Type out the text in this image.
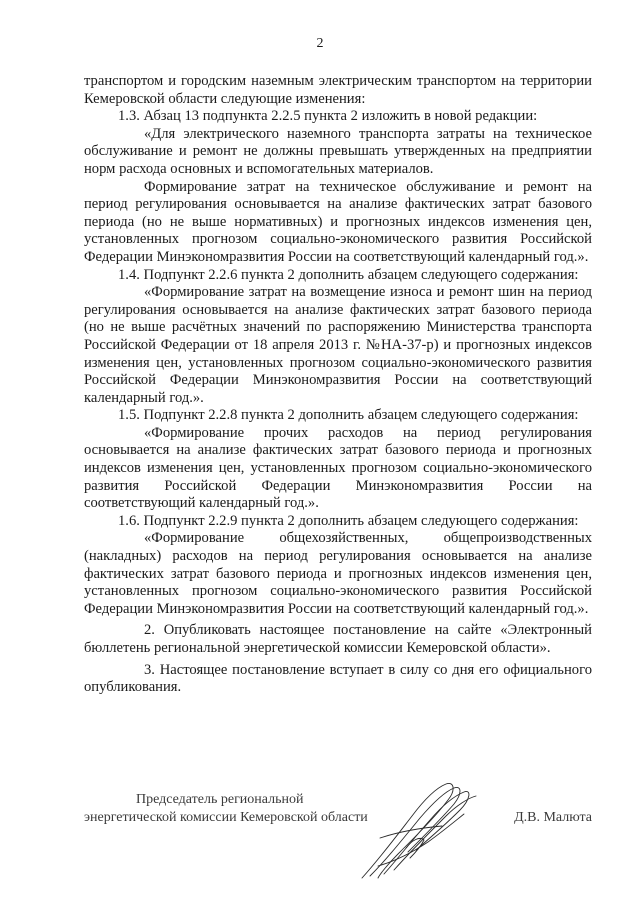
2

транспортом и городским наземным электрическим транспортом на территории Кемеровской области следующие изменения:

1.3. Абзац 13 подпункта 2.2.5 пункта 2 изложить в новой редакции:

«Для электрического наземного транспорта затраты на техническое обслуживание и ремонт не должны превышать утвержденных на предприятии норм расхода основных и вспомогательных материалов.

Формирование затрат на техническое обслуживание и ремонт на период регулирования основывается на анализе фактических затрат базового периода (но не выше нормативных) и прогнозных индексов изменения цен, установленных прогнозом социально-экономического развития Российской Федерации Минэкономразвития России на соответствующий календарный год.».

1.4. Подпункт 2.2.6 пункта 2 дополнить абзацем следующего содержания:

«Формирование затрат на возмещение износа и ремонт шин на период регулирования основывается на анализе фактических затрат базового периода (но не выше расчётных значений по распоряжению Министерства транспорта Российской Федерации от 18 апреля 2013 г. №НА-37-р) и прогнозных индексов изменения цен, установленных прогнозом социально-экономического развития Российской Федерации Минэкономразвития России на соответствующий календарный год.».

1.5. Подпункт 2.2.8 пункта 2 дополнить абзацем следующего содержания:

«Формирование прочих расходов на период регулирования основывается на анализе фактических затрат базового периода и прогнозных индексов изменения цен, установленных прогнозом социально-экономического развития Российской Федерации Минэкономразвития России на соответствующий календарный год.».

1.6. Подпункт 2.2.9 пункта 2 дополнить абзацем следующего содержания:

«Формирование общехозяйственных, общепроизводственных (накладных) расходов на период регулирования основывается на анализе фактических затрат базового периода и прогнозных индексов изменения цен, установленных прогнозом социально-экономического развития Российской Федерации Минэкономразвития России на соответствующий календарный год.».

2. Опубликовать настоящее постановление на сайте «Электронный бюллетень региональной энергетической комиссии Кемеровской области».

3. Настоящее постановление вступает в силу со дня его официального опубликования.

Председатель региональной
энергетической комиссии Кемеровской области	Д.В. Малюта
